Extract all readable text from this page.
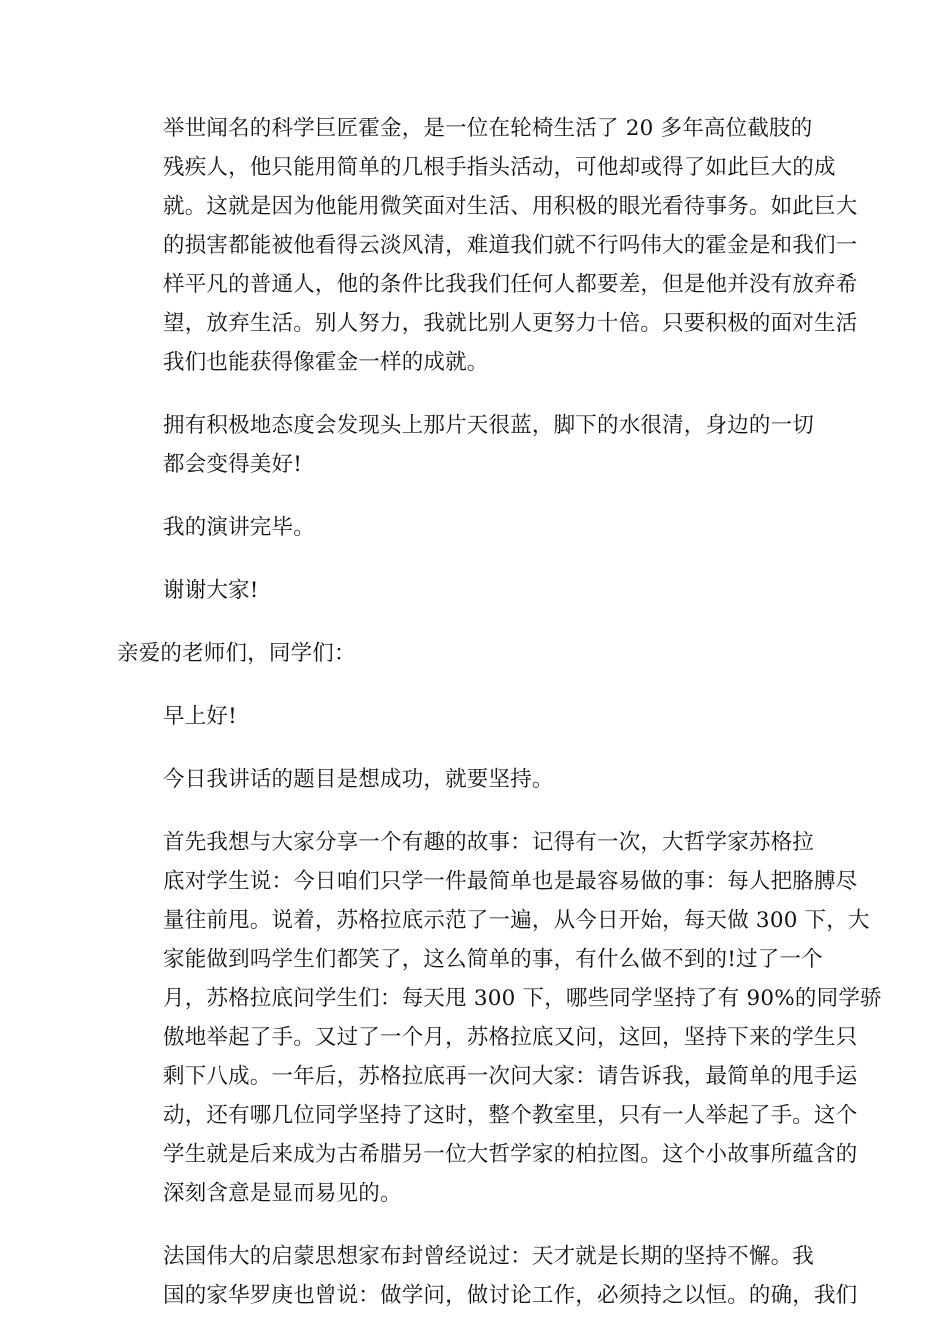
举世闻名的科学巨匠霍金，是一位在轮椅生活了 20 多年高位截肢的
残疾人，他只能用简单的几根手指头活动，可他却或得了如此巨大的成
就。这就是因为他能用微笑面对生活、用积极的眼光看待事务。如此巨大
的损害都能被他看得云淡风清，难道我们就不行吗伟大的霍金是和我们一
样平凡的普通人，他的条件比我我们任何人都要差，但是他并没有放弃希
望，放弃生活。别人努力，我就比别人更努力十倍。只要积极的面对生活
我们也能获得像霍金一样的成就。

拥有积极地态度会发现头上那片天很蓝，脚下的水很清，身边的一切
都会变得美好!

我的演讲完毕。

谢谢大家!

亲爱的老师们，同学们：

早上好!

今日我讲话的题目是想成功，就要坚持。

首先我想与大家分享一个有趣的故事：记得有一次，大哲学家苏格拉
底对学生说：今日咱们只学一件最简单也是最容易做的事：每人把胳膊尽
量往前甩。说着，苏格拉底示范了一遍，从今日开始，每天做 300 下，大
家能做到吗学生们都笑了，这么简单的事，有什么做不到的!过了一个
月，苏格拉底问学生们：每天甩 300 下，哪些同学坚持了有 90%的同学骄
傲地举起了手。又过了一个月，苏格拉底又问，这回，坚持下来的学生只
剩下八成。一年后，苏格拉底再一次问大家：请告诉我，最简单的甩手运
动，还有哪几位同学坚持了这时，整个教室里，只有一人举起了手。这个
学生就是后来成为古希腊另一位大哲学家的柏拉图。这个小故事所蕴含的
深刻含意是显而易见的。

法国伟大的启蒙思想家布封曾经说过：天才就是长期的坚持不懈。我
国的家华罗庚也曾说：做学问，做讨论工作，必须持之以恒。的确，我们
